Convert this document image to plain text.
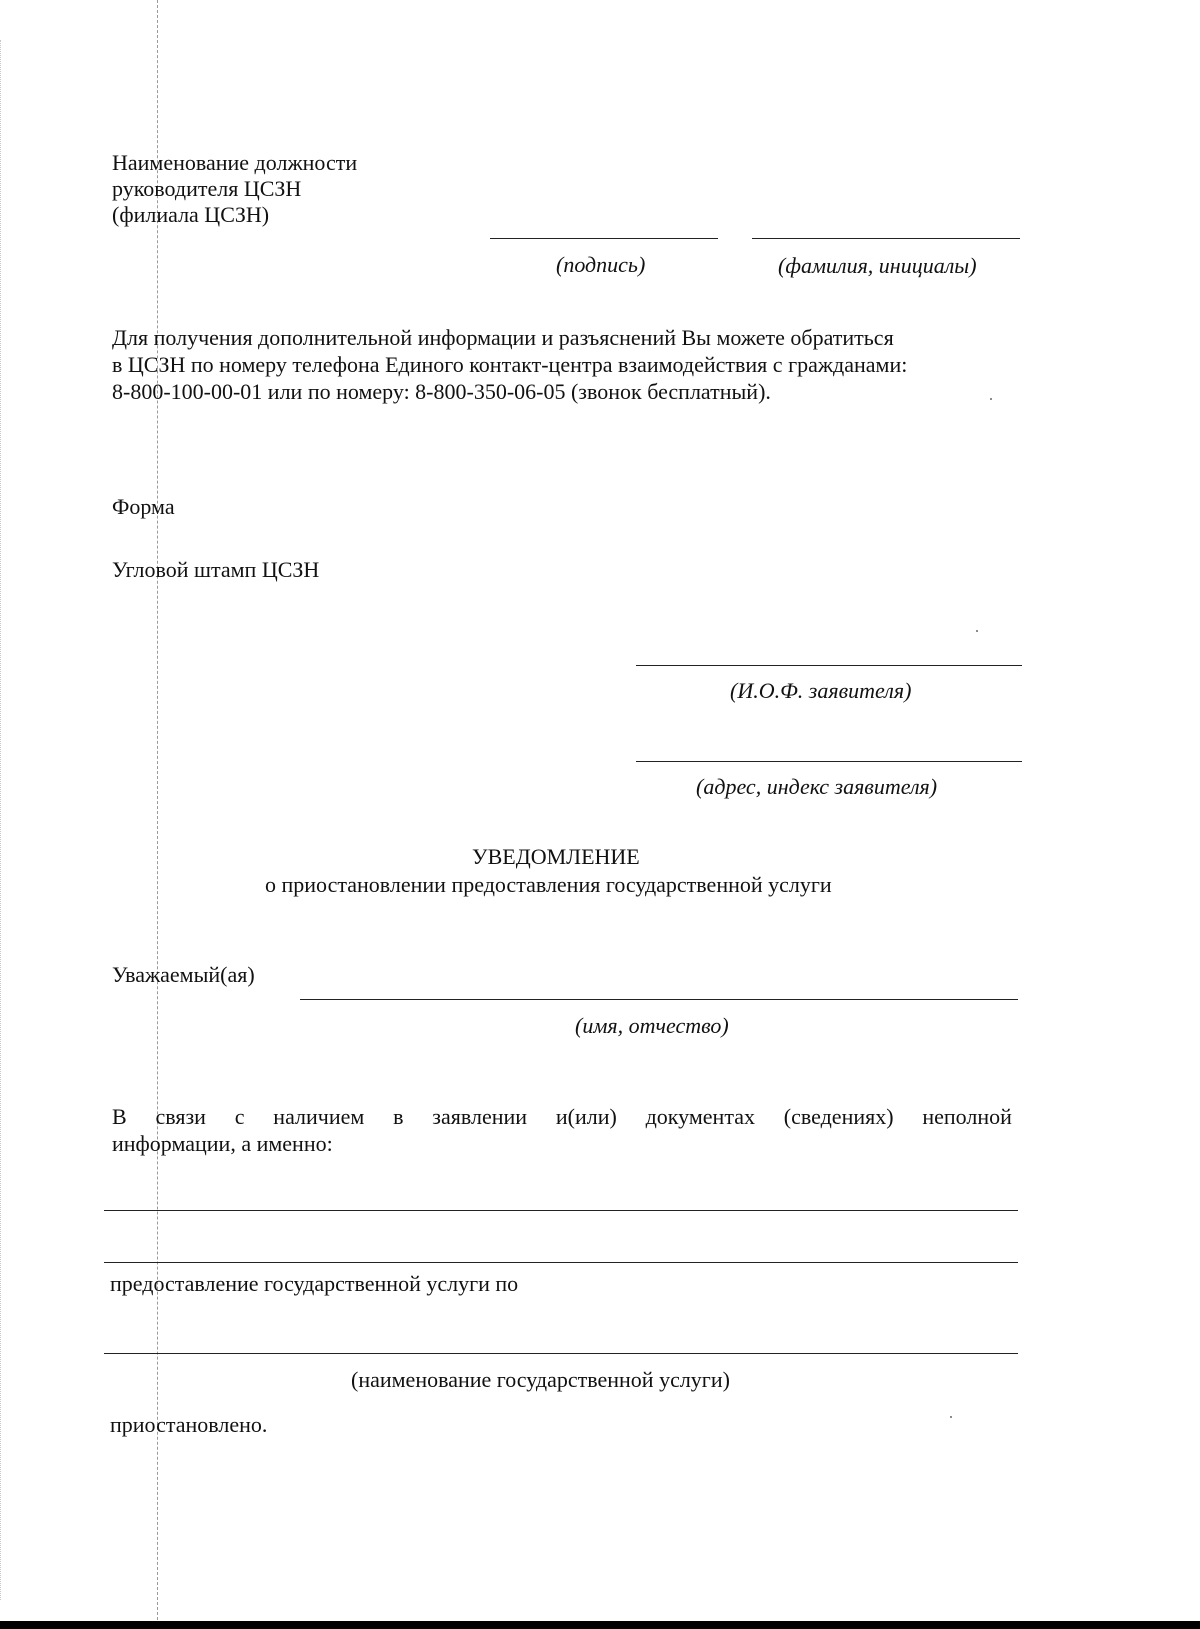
Наименование должности
руководителя ЦСЗН
(филиала ЦСЗН)
(подпись)	(фамилия, инициалы)
Для получения дополнительной информации и разъяснений Вы можете обратиться
в ЦСЗН по номеру телефона Единого контакт-центра взаимодействия с гражданами:
8-800-100-00-01 или по номеру: 8-800-350-06-05 (звонок бесплатный).
Форма
Угловой штамп ЦСЗН
(И.О.Ф. заявителя)
(адрес, индекс заявителя)
УВЕДОМЛЕНИЕ
о приостановлении предоставления государственной услуги
Уважаемый(ая)
(имя, отчество)
В связи с наличием в заявлении и(или) документах (сведениях) неполной
информации, а именно:
предоставление государственной услуги по
(наименование государственной услуги)
приостановлено.
